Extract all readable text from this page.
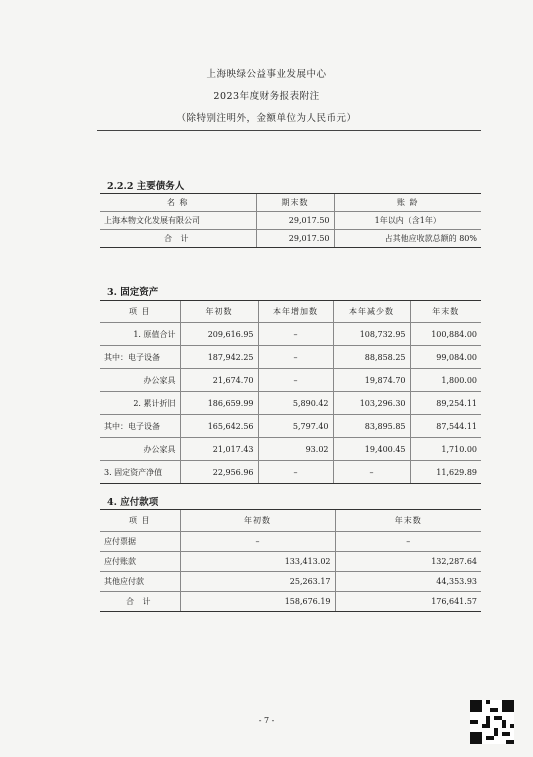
上海映绿公益事业发展中心
2023年度财务报表附注
（除特别注明外，金额单位为人民币元）
2.2.2 主要债务人
名 称	期末数	账 龄
上海本物文化发展有限公司	29,017.50	1年以内（含1年）
合 计	29,017.50	占其他应收款总额的 80%
3. 固定资产
项 目	年初数	本年增加数	本年减少数	年末数
1. 原值合计	209,616.95	–	108,732.95	100,884.00
其中：电子设备	187,942.25	–	88,858.25	99,084.00
办公家具	21,674.70	–	19,874.70	1,800.00
2. 累计折旧	186,659.99	5,890.42	103,296.30	89,254.11
其中：电子设备	165,642.56	5,797.40	83,895.85	87,544.11
办公家具	21,017.43	93.02	19,400.45	1,710.00
3. 固定资产净值	22,956.96	–	–	11,629.89
4. 应付款项
项 目	年初数	年末数
应付票据	–	–
应付账款	133,413.02	132,287.64
其他应付款	25,263.17	44,353.93
合 计	158,676.19	176,641.57
- 7 -
